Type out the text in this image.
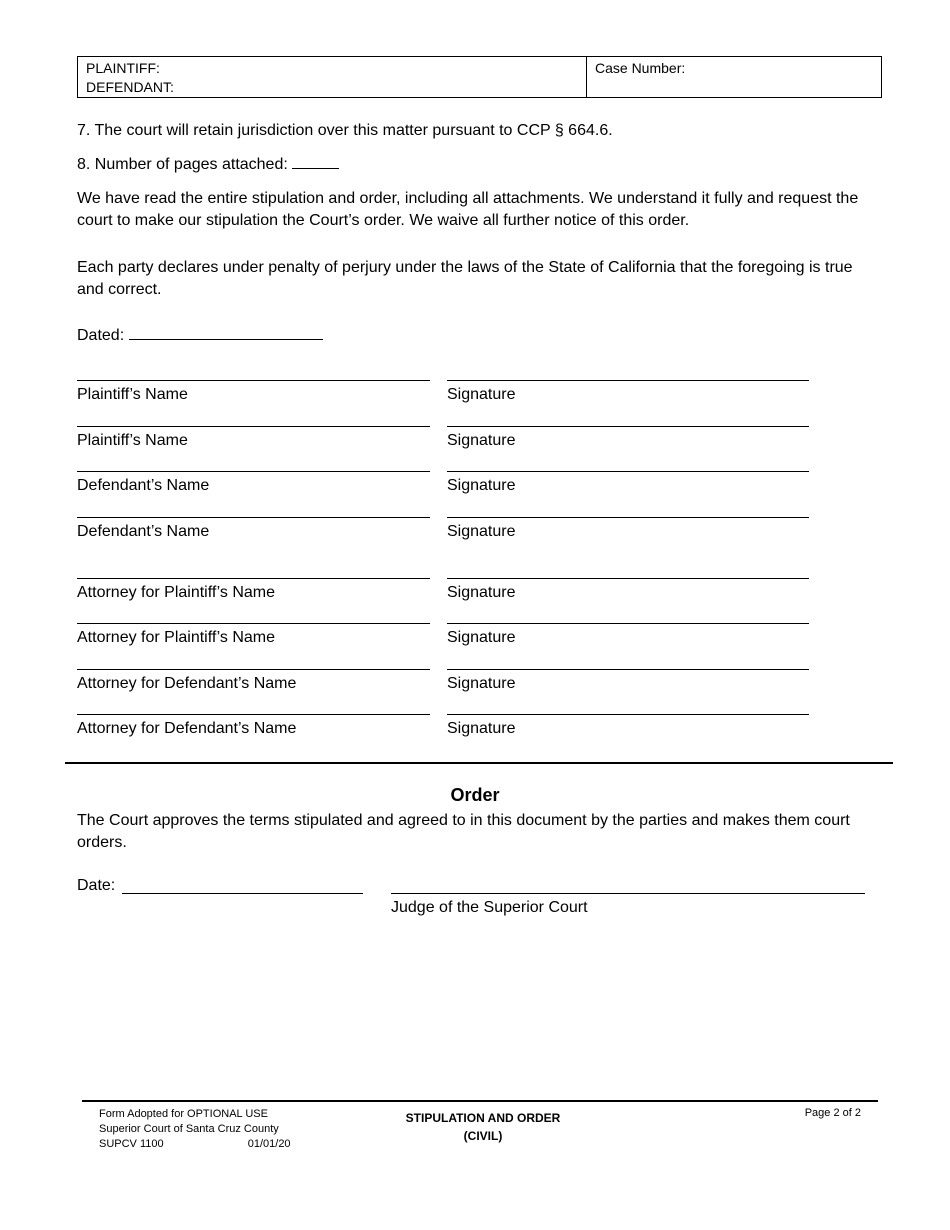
PLAINTIFF:
DEFENDANT:
Case Number:
7. The court will retain jurisdiction over this matter pursuant to CCP § 664.6.
8. Number of pages attached:
We have read the entire stipulation and order, including all attachments. We understand it fully and request the court to make our stipulation the Court’s order. We waive all further notice of this order.
Each party declares under penalty of perjury under the laws of the State of California that the foregoing is true and correct.
Dated:
Plaintiff’s Name	Signature
Plaintiff’s Name	Signature
Defendant’s Name	Signature
Defendant’s Name	Signature
Attorney for Plaintiff’s Name	Signature
Attorney for Plaintiff’s Name	Signature
Attorney for Defendant’s Name	Signature
Attorney for Defendant’s Name	Signature
Order
The Court approves the terms stipulated and agreed to in this document by the parties and makes them court orders.
Date:
Judge of the Superior Court
Form Adopted for OPTIONAL USE
Superior Court of Santa Cruz County
SUPCV 1100	01/01/20
STIPULATION AND ORDER
(CIVIL)
Page 2 of 2
